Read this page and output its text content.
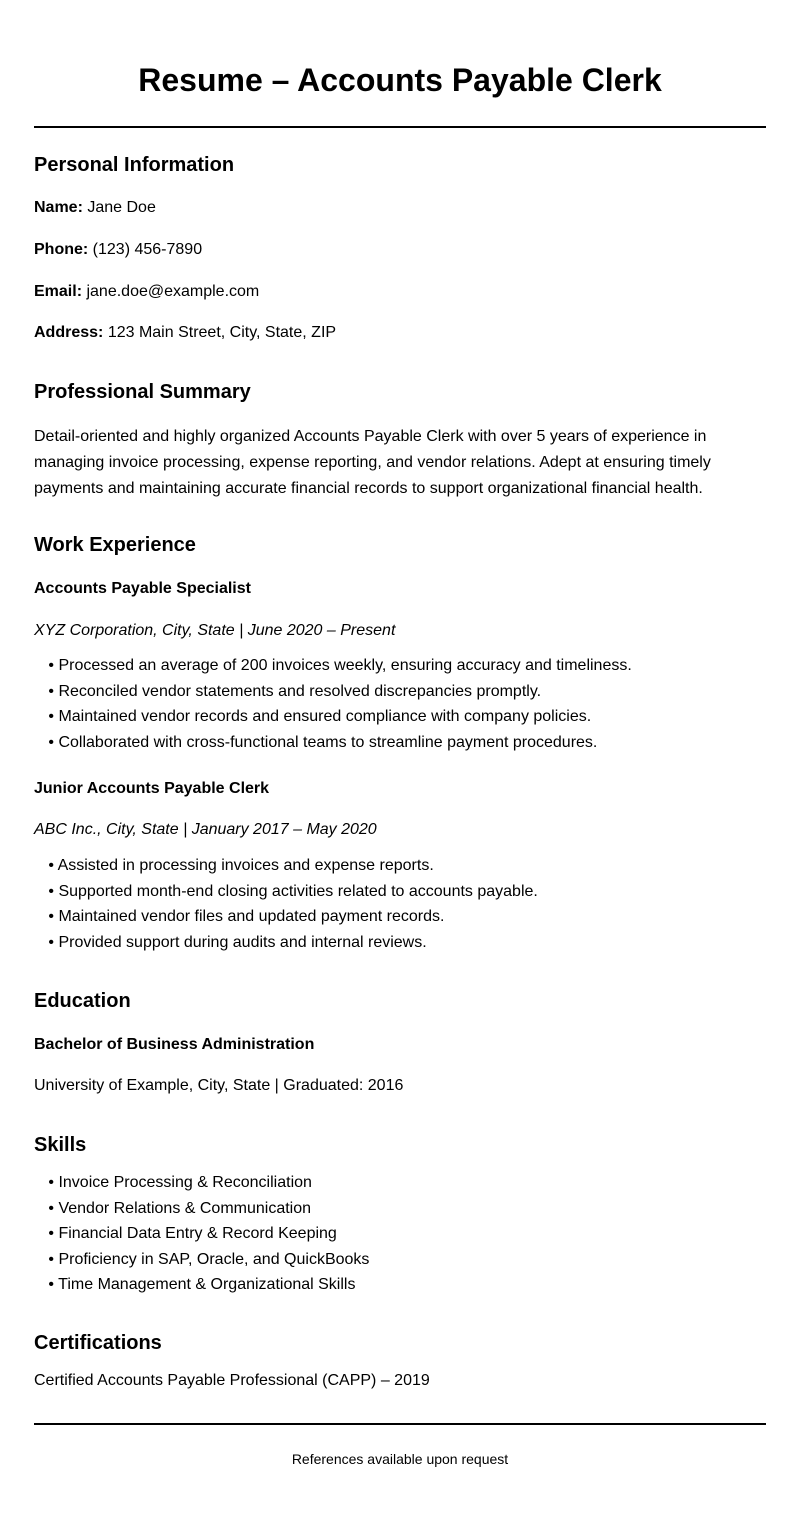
Resume – Accounts Payable Clerk
Personal Information

Name: Jane Doe

Phone: (123) 456-7890

Email: jane.doe@example.com

Address: 123 Main Street, City, State, ZIP

Professional Summary

Detail-oriented and highly organized Accounts Payable Clerk with over 5 years of experience in managing invoice processing, expense reporting, and vendor relations. Adept at ensuring timely payments and maintaining accurate financial records to support organizational financial health.

Work Experience
Accounts Payable Specialist

XYZ Corporation, City, State | June 2020 – Present

• Processed an average of 200 invoices weekly, ensuring accuracy and timeliness.
• Reconciled vendor statements and resolved discrepancies promptly.
• Maintained vendor records and ensured compliance with company policies.
• Collaborated with cross-functional teams to streamline payment procedures.
Junior Accounts Payable Clerk

ABC Inc., City, State | January 2017 – May 2020

• Assisted in processing invoices and expense reports.
• Supported month-end closing activities related to accounts payable.
• Maintained vendor files and updated payment records.
• Provided support during audits and internal reviews.
Education
Bachelor of Business Administration

University of Example, City, State | Graduated: 2016

Skills
• Invoice Processing & Reconciliation
• Vendor Relations & Communication
• Financial Data Entry & Record Keeping
• Proficiency in SAP, Oracle, and QuickBooks
• Time Management & Organizational Skills
Certifications

Certified Accounts Payable Professional (CAPP) – 2019

References available upon request
